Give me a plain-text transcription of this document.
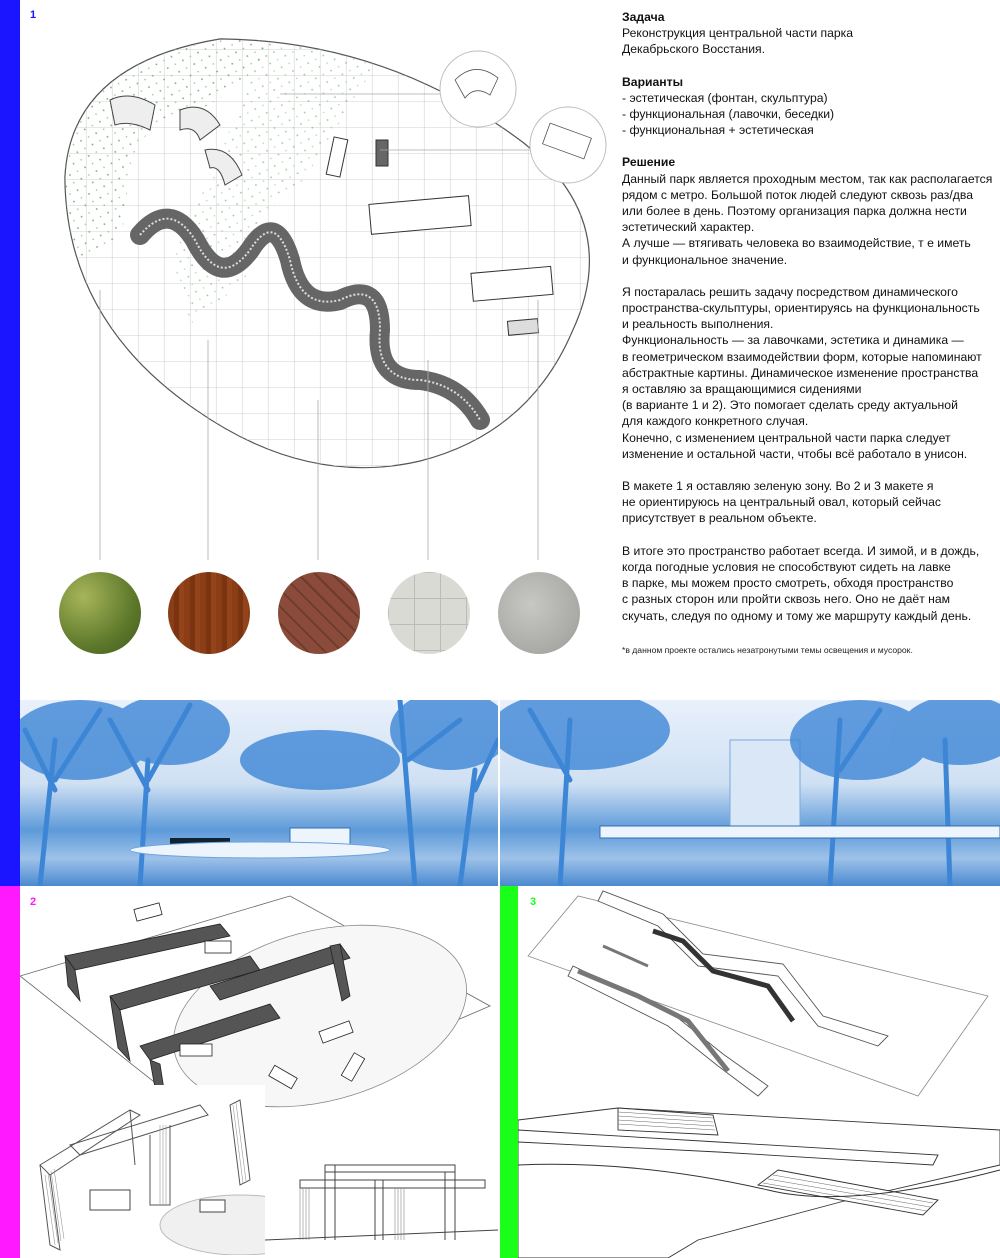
1
2	3

Задача

Реконструкция центральной части парка

Декабрьского Восстания.

Варианты

- эстетическая (фонтан, скульптура)

- функциональная (лавочки, беседки)

- функциональная + эстетическая

Решение

Данный парк является проходным местом, так как располагается

рядом с метро. Большой поток людей следуют сквозь раз/два

или более в день. Поэтому организация парка должна нести

эстетический характер.

А лучше — втягивать человека во взаимодействие, т е иметь

и функциональное значение.

Я постаралась решить задачу посредством динамического

пространства-скульптуры, ориентируясь на функциональность

и реальность выполнения.

Функциональность — за лавочками, эстетика и динамика —

в геометрическом взаимодействии форм, которые напоминают

абстрактные картины. Динамическое изменение пространства

я оставляю за вращающимися сидениями

(в варианте 1 и 2). Это помогает сделать среду актуальной

для каждого конкретного случая.

Конечно, с изменением центральной части парка следует

изменение и остальной части, чтобы всё работало в унисон.

В макете 1 я оставляю зеленую зону. Во 2 и 3 макете я

не ориентируюсь на центральный овал, который сейчас

присутствует в реальном объекте.

В итоге это пространство работает всегда. И зимой, и в дождь,

когда погодные условия не способствуют сидеть на лавке

в парке, мы можем просто смотреть, обходя пространство

с разных сторон или пройти сквозь него. Оно не даёт нам

скучать, следуя по одному и тому же маршруту каждый день.

*в данном проекте остались незатронутыми темы освещения и мусорок.
